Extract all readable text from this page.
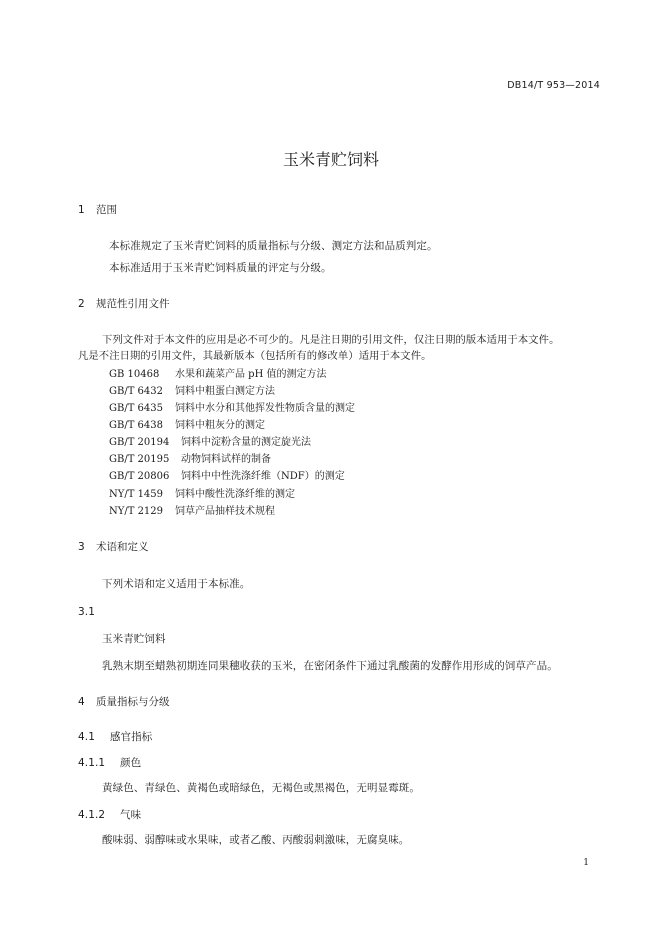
DB14/T 953—2014
玉米青贮饲料
1 范围
本标准规定了玉米青贮饲料的质量指标与分级、测定方法和品质判定。
本标准适用于玉米青贮饲料质量的评定与分级。
2 规范性引用文件
下列文件对于本文件的应用是必不可少的。凡是注日期的引用文件，仅注日期的版本适用于本文件。
凡是不注日期的引用文件，其最新版本（包括所有的修改单）适用于本文件。
GB 10468 水果和蔬菜产品 pH 值的测定方法
GB/T 6432 饲料中粗蛋白测定方法
GB/T 6435 饲料中水分和其他挥发性物质含量的测定
GB/T 6438 饲料中粗灰分的测定
GB/T 20194 饲料中淀粉含量的测定旋光法
GB/T 20195 动物饲料试样的制备
GB/T 20806 饲料中中性洗涤纤维（NDF）的测定
NY/T 1459 饲料中酸性洗涤纤维的测定
NY/T 2129 饲草产品抽样技术规程
3 术语和定义
下列术语和定义适用于本标准。
3.1
玉米青贮饲料
乳熟末期至蜡熟初期连同果穗收获的玉米，在密闭条件下通过乳酸菌的发酵作用形成的饲草产品。
4 质量指标与分级
4.1 感官指标
4.1.1 颜色
黄绿色、青绿色、黄褐色或暗绿色，无褐色或黑褐色，无明显霉斑。
4.1.2 气味
酸味弱、弱醇味或水果味，或者乙酸、丙酸弱刺激味，无腐臭味。
1
